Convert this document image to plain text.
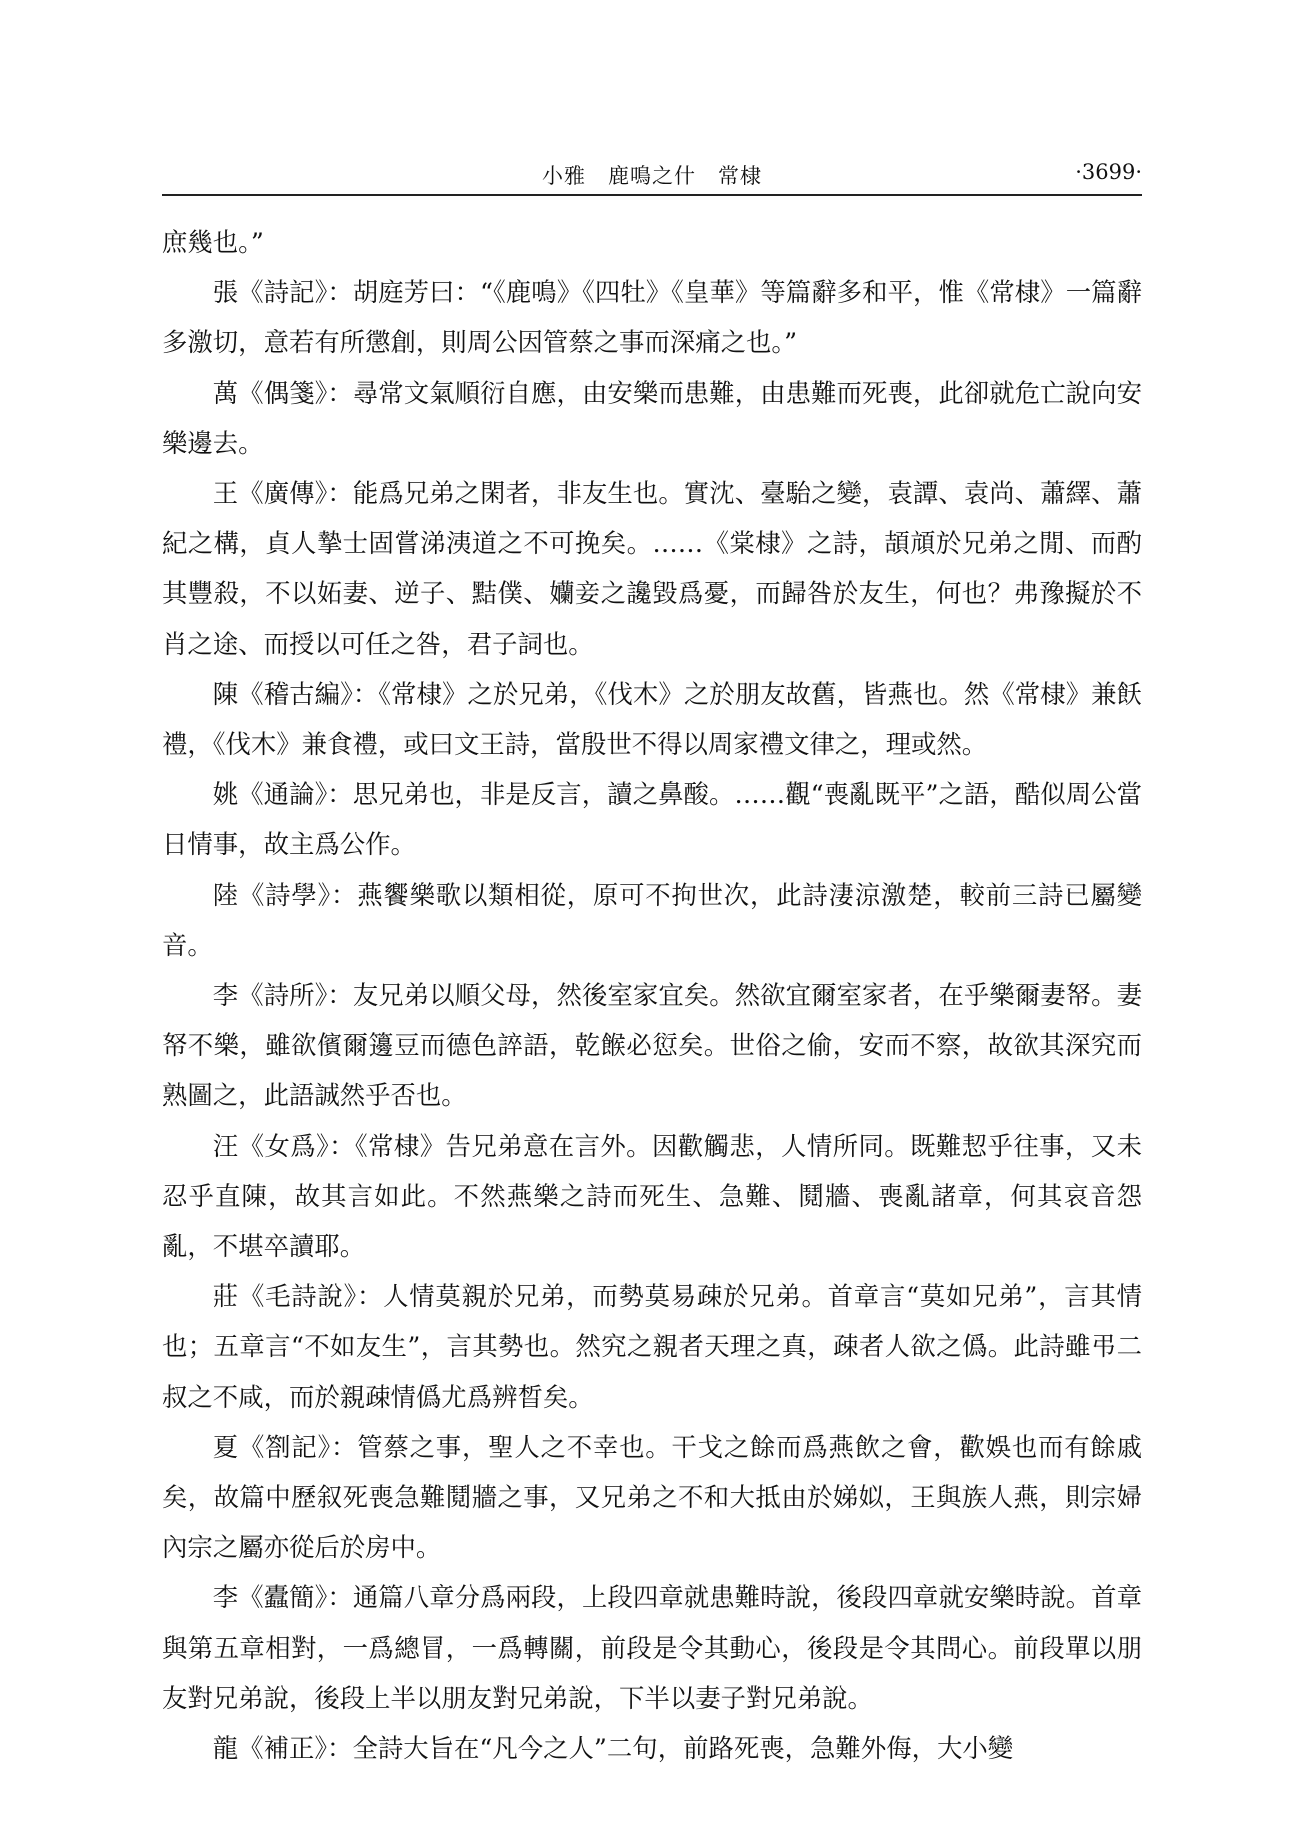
小雅　鹿鳴之什　常棣	·3699·

庶幾也。”

張《詩記》：胡庭芳曰：“《鹿鳴》《四牡》《皇華》等篇辭多和平，惟《常棣》一篇辭多激切，意若有所懲創，則周公因管蔡之事而深痛之也。”

萬《偶箋》：尋常文氣順衍自應，由安樂而患難，由患難而死喪，此卻就危亡說向安樂邊去。

王《廣傳》：能爲兄弟之閑者，非友生也。實沈、臺駘之變，袁譚、袁尚、蕭繹、蕭紀之構，貞人摯士固嘗涕洟道之不可挽矣。……《棠棣》之詩，頡頏於兄弟之閒、而酌其豐殺，不以妬妻、逆子、黠僕、孏妾之讒毀爲憂，而歸咎於友生，何也？弗豫擬於不肖之途、而授以可任之咎，君子詞也。

陳《稽古編》：《常棣》之於兄弟，《伐木》之於朋友故舊，皆燕也。然《常棣》兼飫禮，《伐木》兼食禮，或曰文王詩，當殷世不得以周家禮文律之，理或然。

姚《通論》：思兄弟也，非是反言，讀之鼻酸。……觀“喪亂既平”之語，酷似周公當日情事，故主爲公作。

陸《詩學》：燕饗樂歌以類相從，原可不拘世次，此詩淒涼激楚，較前三詩已屬變音。

李《詩所》：友兄弟以順父母，然後室家宜矣。然欲宜爾室家者，在乎樂爾妻帑。妻帑不樂，雖欲儐爾籩豆而德色誶語，乾餱必愆矣。世俗之偷，安而不察，故欲其深究而熟圖之，此語誠然乎否也。

汪《女爲》：《常棣》告兄弟意在言外。因歡觸悲，人情所同。既難恝乎往事，又未忍乎直陳，故其言如此。不然燕樂之詩而死生、急難、鬩牆、喪亂諸章，何其哀音怨亂，不堪卒讀耶。

莊《毛詩說》：人情莫親於兄弟，而勢莫易疎於兄弟。首章言“莫如兄弟”，言其情也；五章言“不如友生”，言其勢也。然究之親者天理之真，疎者人欲之僞。此詩雖弔二叔之不咸，而於親疎情僞尤爲辨晳矣。

夏《劄記》：管蔡之事，聖人之不幸也。干戈之餘而爲燕飲之會，歡娛也而有餘戚矣，故篇中歷叙死喪急難鬩牆之事，又兄弟之不和大抵由於娣姒，王與族人燕，則宗婦內宗之屬亦從后於房中。

李《蠹簡》：通篇八章分爲兩段，上段四章就患難時說，後段四章就安樂時說。首章與第五章相對，一爲總冒，一爲轉關，前段是令其動心，後段是令其問心。前段單以朋友對兄弟說，後段上半以朋友對兄弟說，下半以妻子對兄弟說。

龍《補正》：全詩大旨在“凡今之人”二句，前路死喪，急難外侮，大小變
